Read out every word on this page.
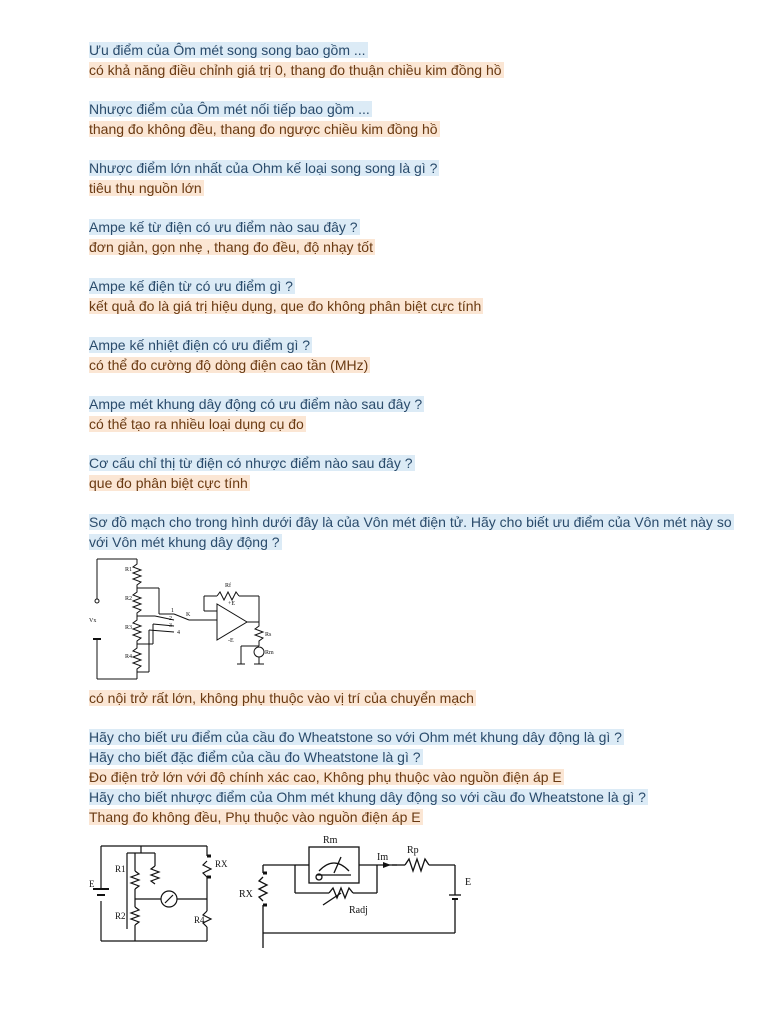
Ưu điểm của Ôm mét song song bao gồm ...
có khả năng điều chỉnh giá trị 0, thang đo thuận chiều kim đồng hồ
Nhược điểm của Ôm mét nối tiếp bao gồm ...
thang đo không đều, thang đo ngược chiều kim đồng hồ
Nhược điểm lớn nhất của Ohm kế loại song song là gì ?
tiêu thụ nguồn lớn
Ampe kế từ điện có ưu điểm nào sau đây ?
đơn giản, gọn nhẹ , thang đo đều, độ nhạy tốt
Ampe kế điện từ có ưu điểm gì ?
kết quả đo là giá trị hiệu dụng, que đo không phân biệt cực tính
Ampe kế nhiệt điện có ưu điểm gì ?
có thể đo cường độ dòng điện cao tần (MHz)
Ampe mét khung dây động có ưu điểm nào sau đây ?
có thể tạo ra nhiều loại dụng cụ đo
Cơ cấu chỉ thị từ điện có nhược điểm nào sau đây ?
que đo phân biệt cực tính
Sơ đồ mạch cho trong hình dưới đây là của Vôn mét điện tử. Hãy cho biết ưu điểm của Vôn mét này so với Vôn mét khung dây động ?
R1
R2
R3
R4
Vx
K
1
2
3
4
Rf
+E
-E
Rs
Rm
có nội trở rất lớn, không phụ thuộc vào vị trí của chuyển mạch
Hãy cho biết ưu điểm của cầu đo Wheatstone so với Ohm mét khung dây động là gì ?
Hãy cho biết đặc điểm của cầu đo Wheatstone là gì ?
Đo điện trở lớn với độ chính xác cao, Không phụ thuộc vào nguồn điện áp E
Hãy cho biết nhược điểm của Ohm mét khung dây động so với cầu đo Wheatstone là gì ?
Thang đo không đều, Phụ thuộc vào nguồn điện áp E
R1
R2
RX
R4
E
Rm
Im
Rp
RX
Radj
E
